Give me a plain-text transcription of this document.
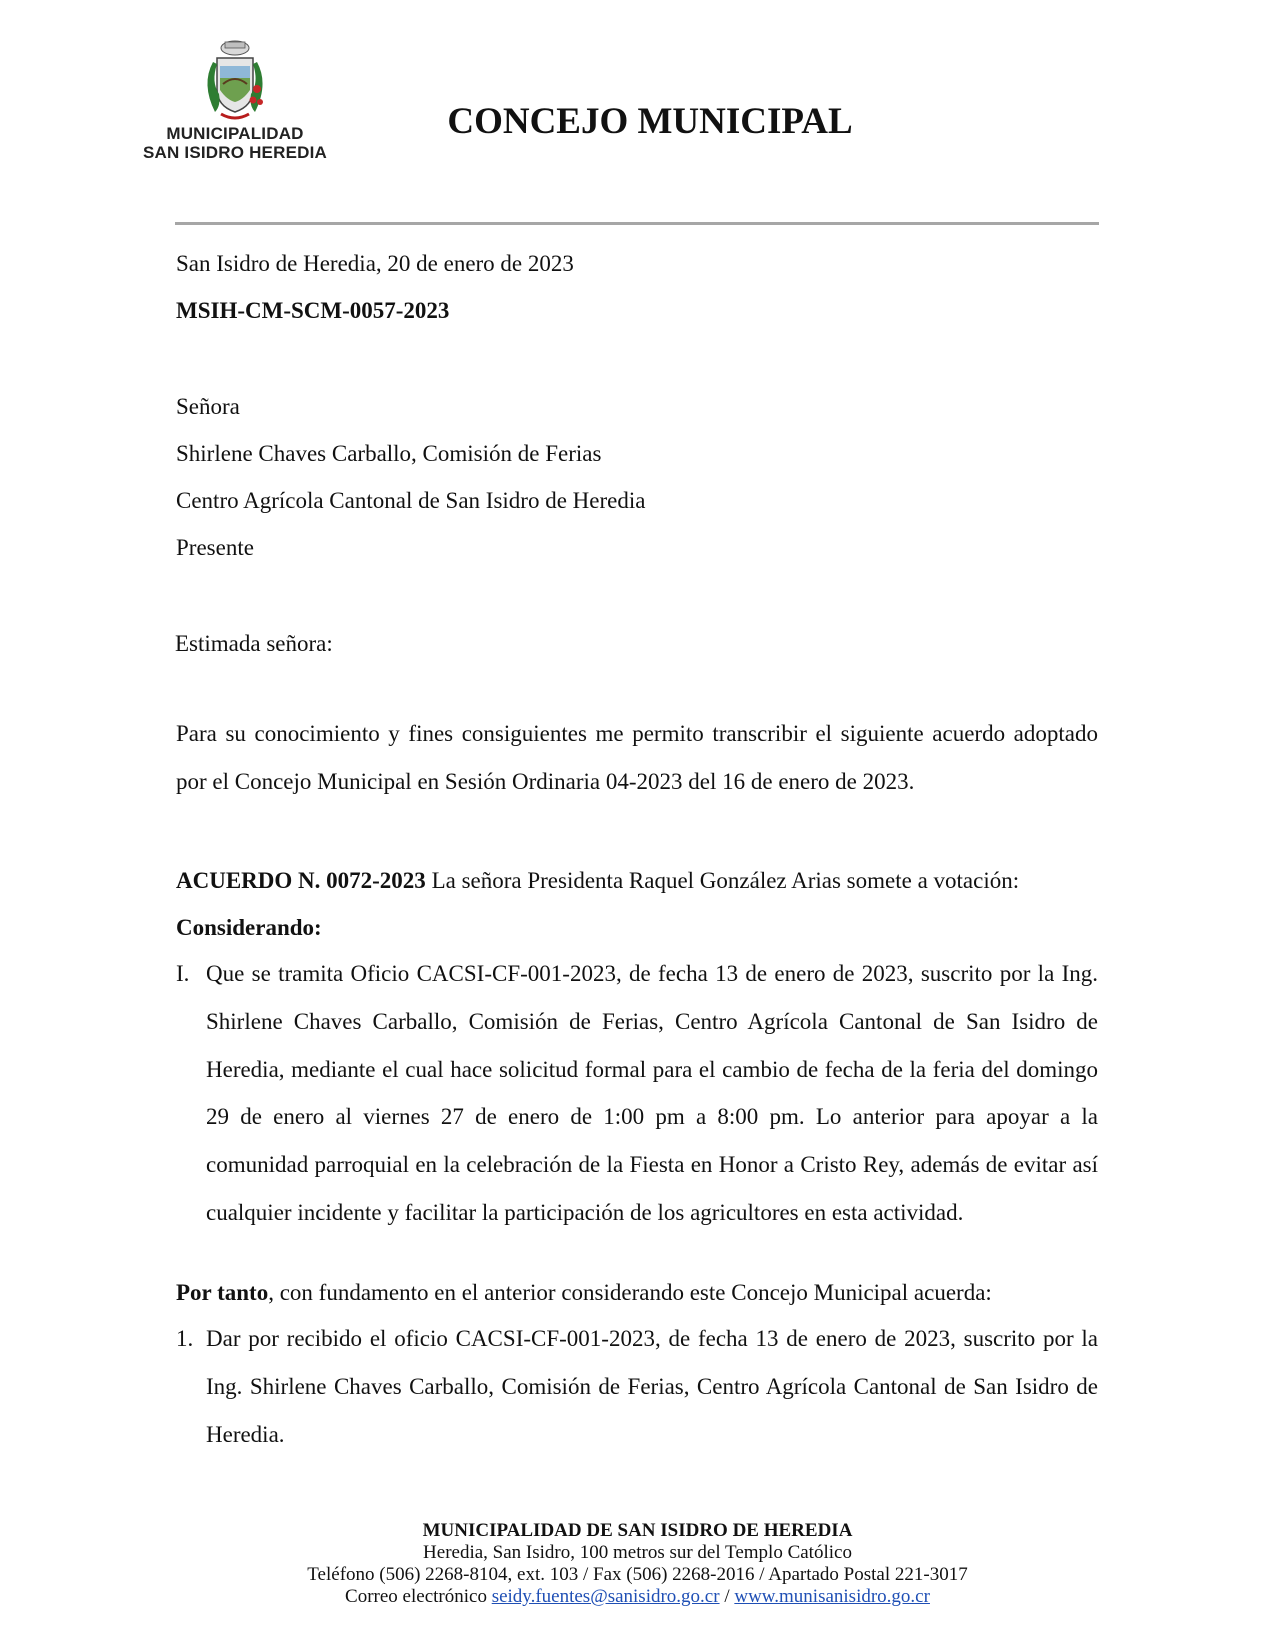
MUNICIPALIDAD
SAN ISIDRO HEREDIA
CONCEJO MUNICIPAL
San Isidro de Heredia, 20 de enero de 2023
MSIH-CM-SCM-0057-2023
Señora
Shirlene Chaves Carballo, Comisión de Ferias
Centro Agrícola Cantonal de San Isidro de Heredia
Presente
Estimada señora:
Para su conocimiento y fines consiguientes me permito transcribir el siguiente acuerdo adoptado por el Concejo Municipal en Sesión Ordinaria 04-2023 del 16 de enero de 2023.
ACUERDO N. 0072-2023 La señora Presidenta Raquel González Arias somete a votación:
Considerando:
I. Que se tramita Oficio CACSI-CF-001-2023, de fecha 13 de enero de 2023, suscrito por la Ing. Shirlene Chaves Carballo, Comisión de Ferias, Centro Agrícola Cantonal de San Isidro de Heredia, mediante el cual hace solicitud formal para el cambio de fecha de la feria del domingo 29 de enero al viernes 27 de enero de 1:00 pm a 8:00 pm. Lo anterior para apoyar a la comunidad parroquial en la celebración de la Fiesta en Honor a Cristo Rey, además de evitar así cualquier incidente y facilitar la participación de los agricultores en esta actividad.
Por tanto, con fundamento en el anterior considerando este Concejo Municipal acuerda:
1. Dar por recibido el oficio CACSI-CF-001-2023, de fecha 13 de enero de 2023, suscrito por la Ing. Shirlene Chaves Carballo, Comisión de Ferias, Centro Agrícola Cantonal de San Isidro de Heredia.
MUNICIPALIDAD DE SAN ISIDRO DE HEREDIA
Heredia, San Isidro, 100 metros sur del Templo Católico
Teléfono (506) 2268-8104, ext. 103 / Fax (506) 2268-2016 / Apartado Postal 221-3017
Correo electrónico seidy.fuentes@sanisidro.go.cr / www.munisanisidro.go.cr
